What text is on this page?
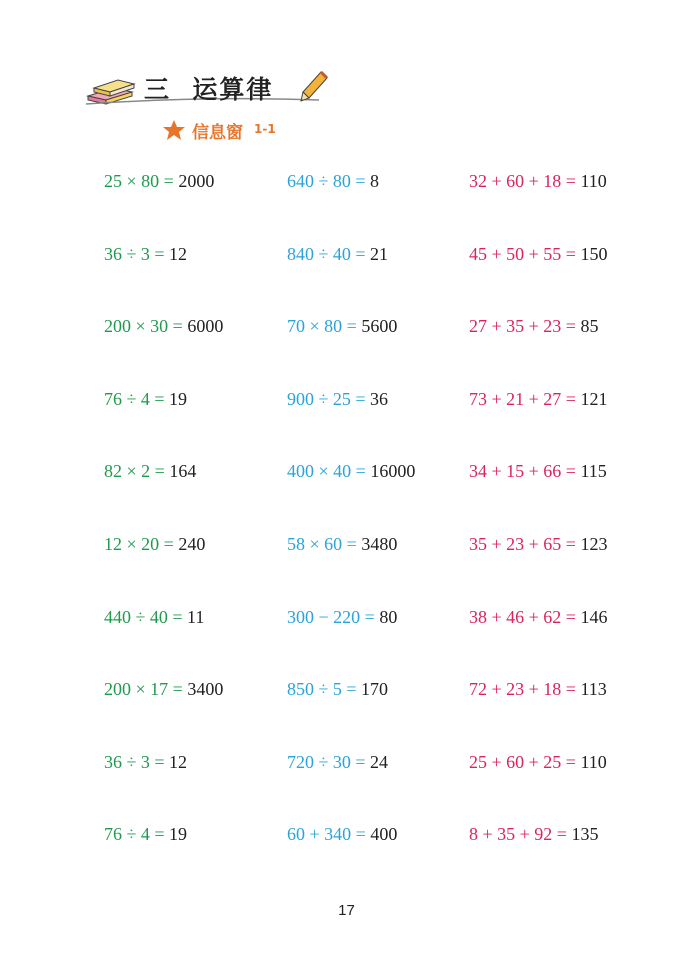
三  运算律
信息窗 1-1
25 × 80 = 2000	640 ÷ 80 = 8	32 + 60 + 18 = 110
36 ÷ 3 = 12	840 ÷ 40 = 21	45 + 50 + 55 = 150
200 × 30 = 6000	70 × 80 = 5600	27 + 35 + 23 = 85
76 ÷ 4 = 19	900 ÷ 25 = 36	73 + 21 + 27 = 121
82 × 2 = 164	400 × 40 = 16000	34 + 15 + 66 = 115
12 × 20 = 240	58 × 60 = 3480	35 + 23 + 65 = 123
440 ÷ 40 = 11	300 − 220 = 80	38 + 46 + 62 = 146
200 × 17 = 3400	850 ÷ 5 = 170	72 + 23 + 18 = 113
36 ÷ 3 = 12	720 ÷ 30 = 24	25 + 60 + 25 = 110
76 ÷ 4 = 19	60 + 340 = 400	8 + 35 + 92 = 135
17
